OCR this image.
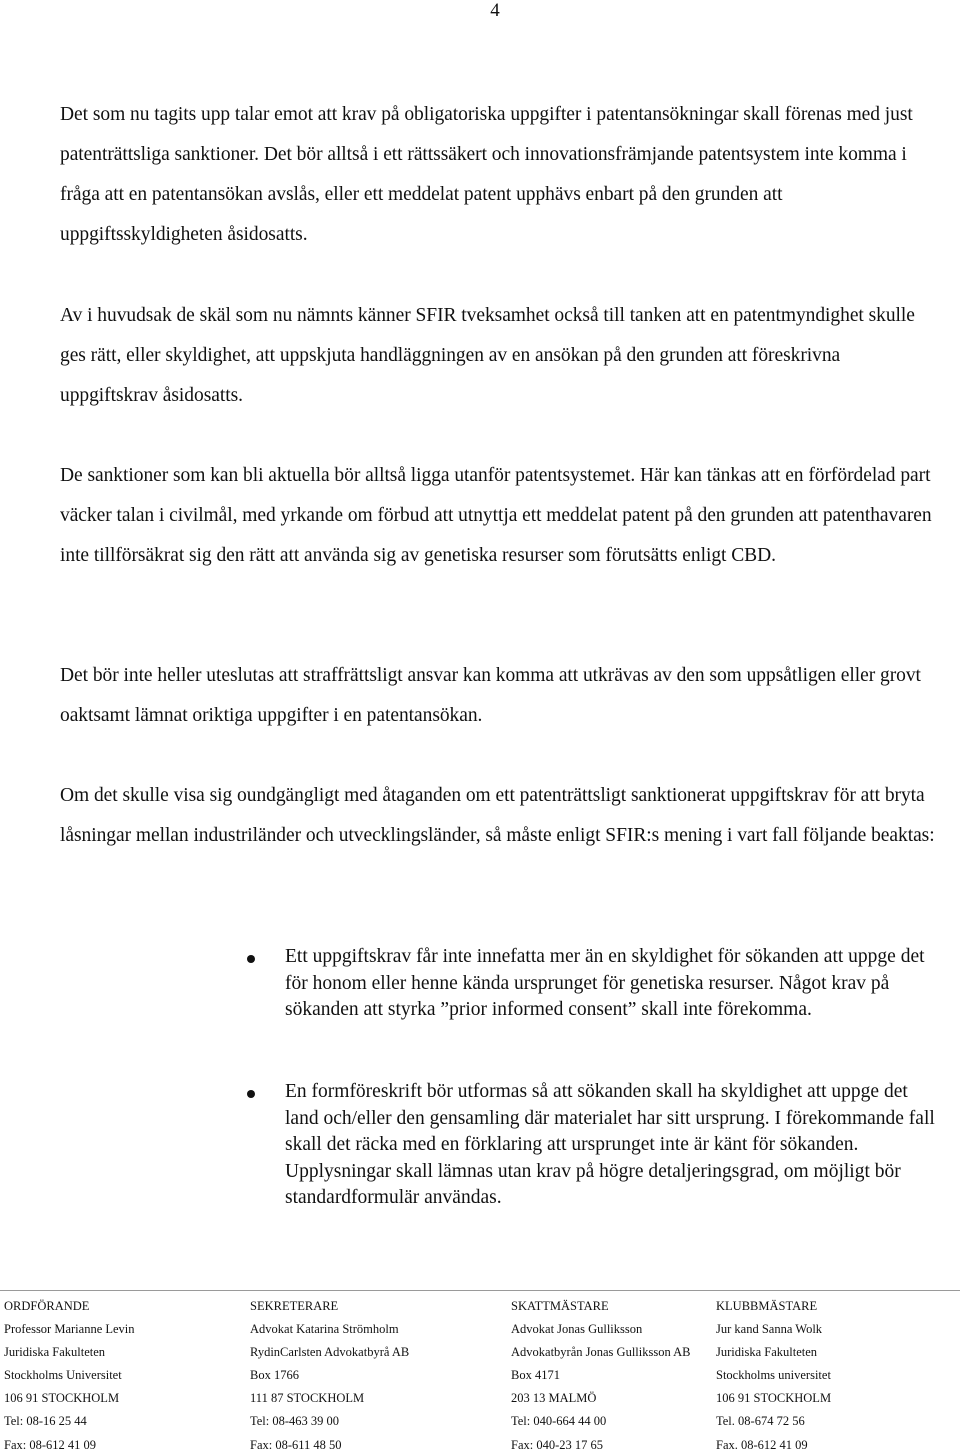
4

Det som nu tagits upp talar emot att krav på obligatoriska uppgifter i patentansökningar skall förenas med just patenträttsliga sanktioner. Det bör alltså i ett rättssäkert och innovationsfrämjande patentsystem inte komma i fråga att en patentansökan avslås, eller ett meddelat patent upphävs enbart på den grunden att uppgiftsskyldigheten åsidosatts.

Av i huvudsak de skäl som nu nämnts känner SFIR tveksamhet också till tanken att en patentmyndighet skulle ges rätt, eller skyldighet, att uppskjuta handläggningen av en ansökan på den grunden att föreskrivna uppgiftskrav åsidosatts.

De sanktioner som kan bli aktuella bör alltså ligga utanför patentsystemet. Här kan tänkas att en förfördelad part väcker talan i civilmål, med yrkande om förbud att utnyttja ett meddelat patent på den grunden att patenthavaren inte tillförsäkrat sig den rätt att använda sig av genetiska resurser som förutsätts enligt CBD.

Det bör inte heller uteslutas att straffrättsligt ansvar kan komma att utkrävas av den som uppsåtligen eller grovt oaktsamt lämnat oriktiga uppgifter i en patentansökan.

Om det skulle visa sig oundgängligt med åtaganden om ett patenträttsligt sanktionerat uppgiftskrav för att bryta låsningar mellan industriländer och utvecklingsländer, så måste enligt SFIR:s mening i vart fall följande beaktas:

Ett uppgiftskrav får inte innefatta mer än en skyldighet för sökanden att uppge det för honom eller henne kända ursprunget för genetiska resurser. Något krav på sökanden att styrka ”prior informed consent” skall inte förekomma.
En formföreskrift bör utformas så att sökanden skall ha skyldighet att uppge det land och/eller den gensamling där materialet har sitt ursprung. I förekommande fall skall det räcka med en förklaring att ursprunget inte är känt för sökanden. Upplysningar skall lämnas utan krav på högre detaljeringsgrad, om möjligt bör standardformulär användas.
ORDFÖRANDE
Professor Marianne Levin
Juridiska Fakulteten
Stockholms Universitet
106 91 STOCKHOLM
Tel: 08-16 25 44
Fax: 08-612 41 09
SEKRETERARE
Advokat Katarina Strömholm
RydinCarlsten Advokatbyrå AB
Box 1766
111 87 STOCKHOLM
Tel: 08-463 39 00
Fax: 08-611 48 50
SKATTMÄSTARE
Advokat Jonas Gulliksson
Advokatbyrån Jonas Gulliksson AB
Box 4171
203 13 MALMÖ
Tel: 040-664 44 00
Fax: 040-23 17 65
KLUBBMÄSTARE
Jur kand Sanna Wolk
Juridiska Fakulteten
Stockholms universitet
106 91 STOCKHOLM
Tel. 08-674 72 56
Fax. 08-612 41 09
